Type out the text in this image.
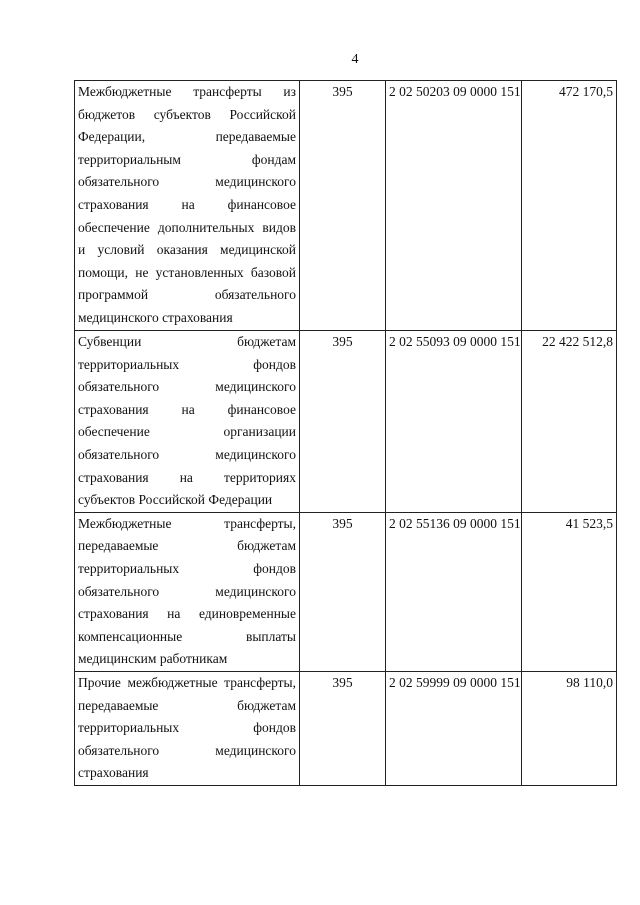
4
Межбюджетные трансферты из бюджетов субъектов Российской Федерации, передаваемые территориальным фондам обязательного медицинского страхования на финансовое обеспечение дополнительных видов и условий оказания медицинской помощи, не установленных базовой программой обязательного медицинского страхования	395	2 02 50203 09 0000 151	472 170,5
Субвенции бюджетам территориальных фондов обязательного медицинского страхования на финансовое обеспечение организации обязательного медицинского страхования на территориях субъектов Российской Федерации	395	2 02 55093 09 0000 151	22 422 512,8
Межбюджетные трансферты, передаваемые бюджетам территориальных фондов обязательного медицинского страхования на единовременные компенсационные выплаты медицинским работникам	395	2 02 55136 09 0000 151	41 523,5
Прочие межбюджетные трансферты, передаваемые бюджетам территориальных фондов обязательного медицинского страхования	395	2 02 59999 09 0000 151	98 110,0
